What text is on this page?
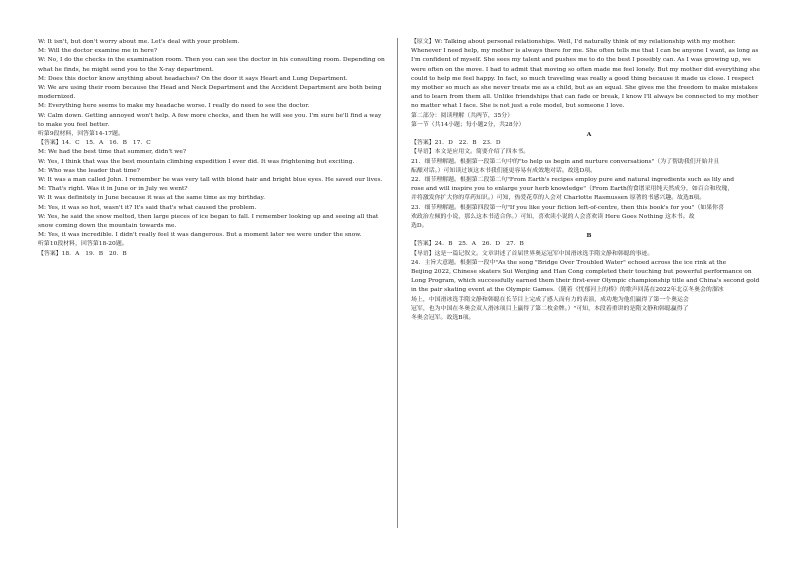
W: It isn't, but don't worry about me. Let's deal with your problem.
M: Will the doctor examine me in here?
W: No, I do the checks in the examination room. Then you can see the doctor in his consulting room. Depending on
what he finds, he might send you to the X-ray department.
M: Does this doctor know anything about headaches? On the door it says Heart and Lung Department.
W: We are using their room because the Head and Neck Department and the Accident Department are both being
modernized.
M: Everything here seems to make my headache worse. I really do need to see the doctor.
W: Calm down. Getting annoyed won't help. A few more checks, and then he will see you. I'm sure he'll find a way
to make you feel better.
听第9段材料，回答第14-17题。
【答案】14．C　15．A　16．B　17．C
M: We had the best time that summer, didn't we?
W: Yes, I think that was the best mountain climbing expedition I ever did. It was frightening but exciting.
M: Who was the leader that time?
W: It was a man called John. I remember he was very tall with blond hair and bright blue eyes. He saved our lives.
M: That's right. Was it in June or in July we went?
W: It was definitely in June because it was at the same time as my birthday.
M: Yes, it was so hot, wasn't it? It's said that's what caused the problem.
W: Yes, he said the snow melted, then large pieces of ice began to fall. I remember looking up and seeing all that
snow coming down the mountain towards me.
M: Yes, it was incredible. I didn't really feel it was dangerous. But a moment later we were under the snow.
听第10段材料，回答第18-20题。
【答案】18．A　19．B　20．B
【原文】W: Talking about personal relationships. Well, I'd naturally think of my relationship with my mother.
Whenever I need help, my mother is always there for me. She often tells me that I can be anyone I want, as long as
I'm confident of myself. She sees my talent and pushes me to do the best I possibly can. As I was growing up, we
were often on the move. I had to admit that moving so often made me feel lonely. But my mother did everything she
could to help me feel happy. In fact, so much traveling was really a good thing because it made us close. I respect
my mother so much as she never treats me as a child, but as an equal. She gives me the freedom to make mistakes
and to learn from them all. Unlike friendships that can fade or break, I know I'll always be connected to my mother
no matter what I face. She is not just a role model, but someone I love.
第二部分：阅读理解（共两节，35分）
第一节（共14小题；每小题2分，共28分）
A
【答案】21．D　22．B　23．D
【导语】本文是应用文。简要介绍了四本书。
21．细节理解题。根据第一段第二句中的"to help us begin and nurture conversations"（为了帮助我们开始并且
酝酿对话。）可知读过该这本书我们能更容易有成效地对话。故选D项。
22．细节理解题。根据第二段第二句"From Earth's recipes employ pure and natural ingredients such as lily and
rose and will inspire you to enlarge your herb knowledge"（From Earth的食谱采用纯天然成分，如百合和玫瑰，
并将激发你扩大你的草药知识。）可知，热爱花草的人会对 Charlotte Rasmussen 原著的书感兴趣。故选B项。
23．细节理解题。根据第四段第一句"If you like your fiction left-of-centre, then this book's for you"（如果你喜
欢政治左倾的小说，那么这本书适合你。）可知，喜欢读小说的人会喜欢读 Here Goes Nothing 这本书。故
选D。
B
【答案】24．B　25．A　26．D　27．B
【导语】这是一篇记叙文。文章讲述了首届世界奥运冠军中国滑冰选手隋文静和韩聪的事迹。
24．主旨大意题。根据第一段中"As the song "Bridge Over Troubled Water" echoed across the ice rink at the
Beijing 2022, Chinese skaters Sui Wenjing and Han Cong completed their touching but powerful performance on
Long Program, which successfully earned them their first-ever Olympic championship title and China's second gold
in the pair skating event at the Olympic Games.（随着《忧郁河上的桥》的歌声回荡在2022年北京冬奥会的溜冰
场上，中国滑冰选手隋文静和韩聪在长节目上完成了感人而有力的表演，成功地为他们赢得了第一个奥运会
冠军，也为中国在冬奥会双人滑冰项目上赢得了第二枚金牌。）"可知，本段着重讲的是隋文静和韩聪赢得了
冬奥会冠军。故选B项。
